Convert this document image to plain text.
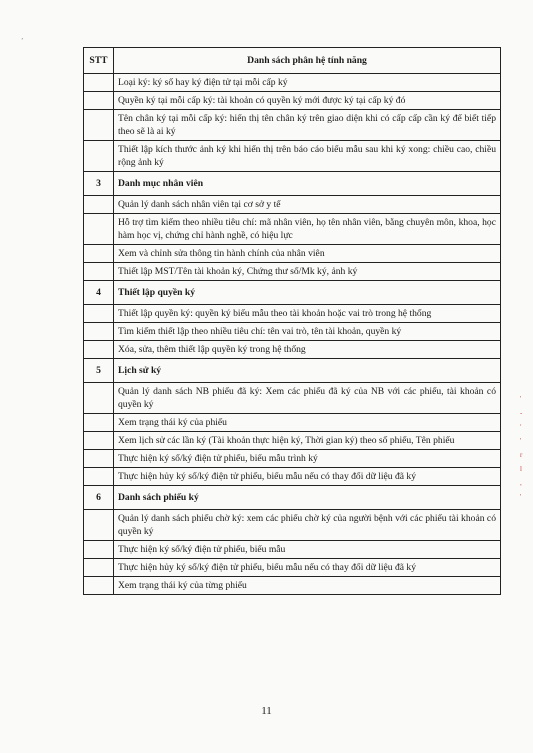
ʼ
STT	Danh sách phân hệ tính năng
	Loại ký: ký số hay ký điện tử tại mỗi cấp ký
	Quyền ký tại mỗi cấp ký: tài khoản có quyền ký mới được ký tại cấp ký đó
	Tên chân ký tại mỗi cấp ký: hiển thị tên chân ký trên giao diện khi có cấp cấp cần ký để biết tiếp theo sẽ là ai ký
	Thiết lập kích thước ảnh ký khi hiển thị trên báo cáo biểu mẫu sau khi ký xong: chiều cao, chiều rộng ảnh ký
3	Danh mục nhân viên
	Quản lý danh sách nhân viên tại cơ sở y tế
	Hỗ trợ tìm kiếm theo nhiều tiêu chí: mã nhân viên, họ tên nhân viên, bằng chuyên môn, khoa, học hàm học vị, chứng chỉ hành nghề, có hiệu lực
	Xem và chỉnh sửa thông tin hành chính của nhân viên
	Thiết lập MST/Tên tài khoản ký, Chứng thư số/Mk ký, ảnh ký
4	Thiết lập quyền ký
	Thiết lập quyền ký: quyền ký biểu mẫu theo tài khoản hoặc vai trò trong hệ thống
	Tìm kiếm thiết lập theo nhiều tiêu chí: tên vai trò, tên tài khoản, quyền ký
	Xóa, sửa, thêm thiết lập quyền ký trong hệ thống
5	Lịch sử ký
	Quản lý danh sách NB phiếu đã ký: Xem các phiếu đã ký của NB với các phiếu, tài khoản có quyền ký
	Xem trạng thái ký của phiếu
	Xem lịch sử các lần ký (Tài khoản thực hiện ký, Thời gian ký) theo số phiếu, Tên phiếu
	Thực hiện ký số/ký điện tử phiếu, biểu mẫu trình ký
	Thực hiện hủy ký số/ký điện tử phiếu, biểu mẫu nếu có thay đổi dữ liệu đã ký
6	Danh sách phiếu ký
	Quản lý danh sách phiếu chờ ký: xem các phiếu chờ ký của người bệnh với các phiếu tài khoản có quyền ký
	Thực hiện ký số/ký điện tử phiếu, biểu mẫu
	Thực hiện hủy ký số/ký điện tử phiếu, biểu mẫu nếu có thay đổi dữ liệu đã ký
	Xem trạng thái ký của từng phiếu
11
'
-
ʹ
'
r
l
,
'
